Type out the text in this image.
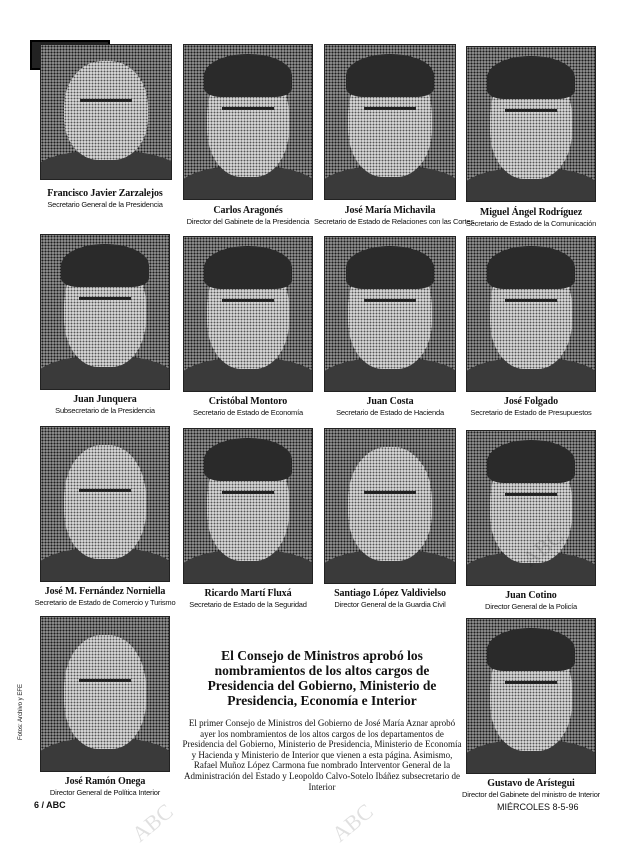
Francisco Javier Zarzalejos
Secretario General de la Presidencia
Carlos Aragonés
Director del Gabinete de la Presidencia
José María Michavila
Secretario de Estado de Relaciones con las Cortes
Miguel Ángel Rodríguez
Secretario de Estado de la Comunicación
Juan Junquera
Subsecretario de la Presidencia
Cristóbal Montoro
Secretario de Estado de Economía
Juan Costa
Secretario de Estado de Hacienda
José Folgado
Secretario de Estado de Presupuestos
José M. Fernández Norniella
Secretario de Estado de Comercio y Turismo
Ricardo Martí Fluxá
Secretario de Estado de la Seguridad
Santiago López Valdivielso
Director General de la Guardia Civil
Juan Cotino
Director General de la Policía
José Ramón Onega
Director General de Política Interior
Gustavo de Arístegui
Director del Gabinete del ministro de Interior
El Consejo de Ministros aprobó los nombramientos de los altos cargos de Presidencia del Gobierno, Ministerio de Presidencia, Economía e Interior
El primer Consejo de Ministros del Gobierno de José María Aznar aprobó ayer los nombramientos de los altos cargos de los departamentos de Presidencia del Gobierno, Ministerio de Presidencia, Ministerio de Economía y Hacienda y Ministerio de Interior que vienen a esta página. Asimismo, Rafael Muñoz López Carmona fue nombrado Interventor General de la Administración del Estado y Leopoldo Calvo-Sotelo Ibáñez subsecretario de Interior
Fotos: Archivo y EFE
6 / ABC	MIÉRCOLES 8-5-96
ABC	ABC
ABC
